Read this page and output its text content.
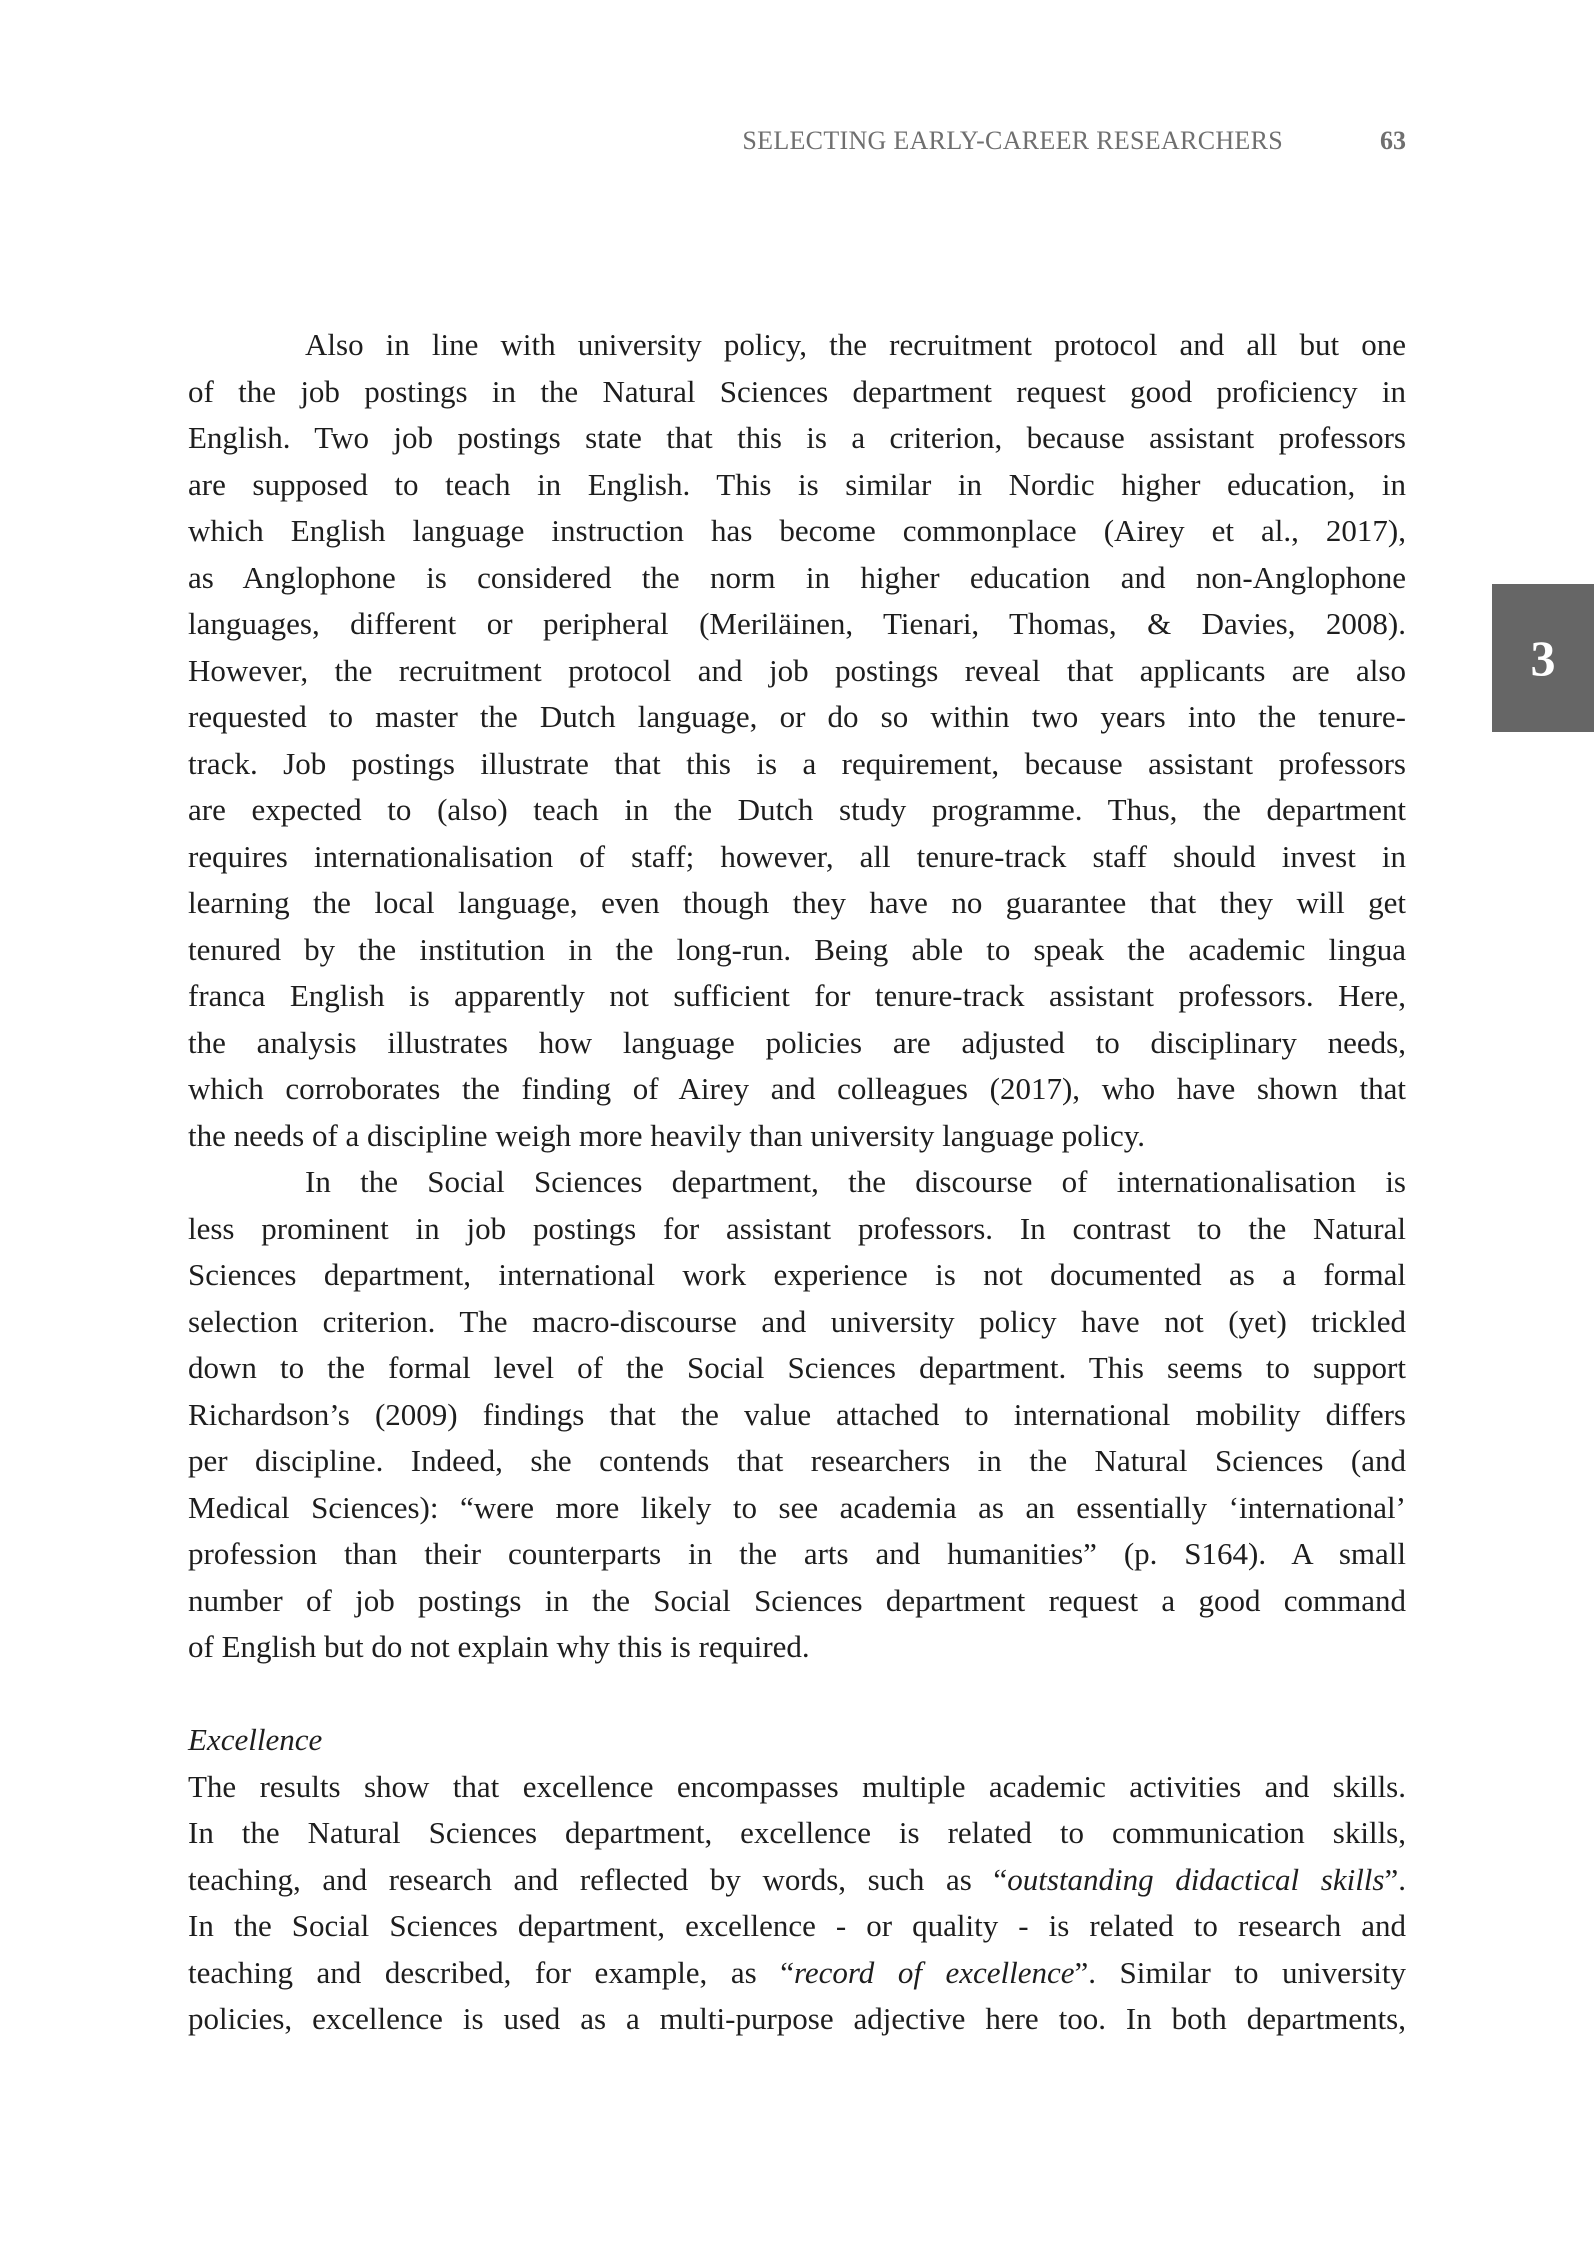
SELECTING EARLY-CAREER RESEARCHERS	63
3
Also in line with university policy, the recruitment protocol and all but one
of the job postings in the Natural Sciences department request good proficiency in
English. Two job postings state that this is a criterion, because assistant professors
are supposed to teach in English. This is similar in Nordic higher education, in
which English language instruction has become commonplace (Airey et al., 2017),
as Anglophone is considered the norm in higher education and non-Anglophone
languages, different or peripheral (Meriläinen, Tienari, Thomas, & Davies, 2008).
However, the recruitment protocol and job postings reveal that applicants are also
requested to master the Dutch language, or do so within two years into the tenure-
track. Job postings illustrate that this is a requirement, because assistant professors
are expected to (also) teach in the Dutch study programme. Thus, the department
requires internationalisation of staff; however, all tenure-track staff should invest in
learning the local language, even though they have no guarantee that they will get
tenured by the institution in the long-run. Being able to speak the academic lingua
franca English is apparently not sufficient for tenure-track assistant professors. Here,
the analysis illustrates how language policies are adjusted to disciplinary needs,
which corroborates the finding of Airey and colleagues (2017), who have shown that
the needs of a discipline weigh more heavily than university language policy.
In the Social Sciences department, the discourse of internationalisation is
less prominent in job postings for assistant professors. In contrast to the Natural
Sciences department, international work experience is not documented as a formal
selection criterion. The macro-discourse and university policy have not (yet) trickled
down to the formal level of the Social Sciences department. This seems to support
Richardson’s (2009) findings that the value attached to international mobility differs
per discipline. Indeed, she contends that researchers in the Natural Sciences (and
Medical Sciences): “were more likely to see academia as an essentially ‘international’
profession than their counterparts in the arts and humanities” (p. S164). A small
number of job postings in the Social Sciences department request a good command
of English but do not explain why this is required.
Excellence
The results show that excellence encompasses multiple academic activities and skills.
In the Natural Sciences department, excellence is related to communication skills,
teaching, and research and reflected by words, such as “outstanding didactical skills”.
In the Social Sciences department, excellence - or quality - is related to research and
teaching and described, for example, as “record of excellence”. Similar to university
policies, excellence is used as a multi-purpose adjective here too. In both departments,
